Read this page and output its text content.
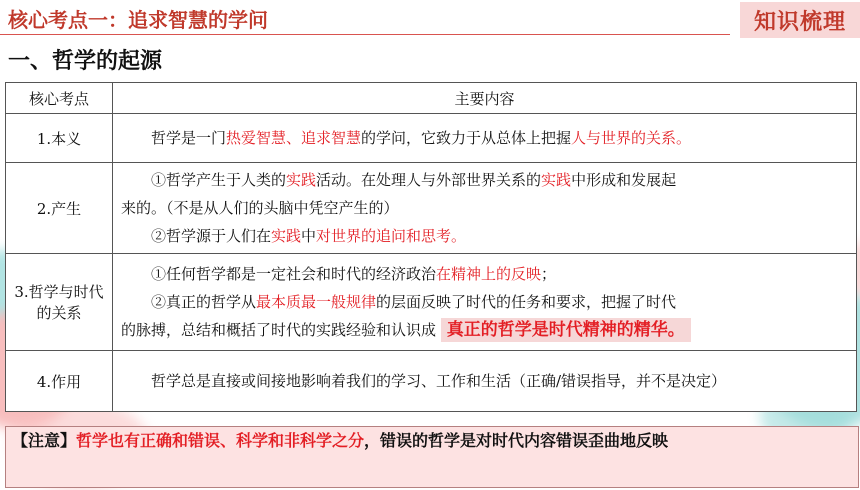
核心考点一：追求智慧的学问	知识梳理
一、哲学的起源
核心考点	主要内容
1.本义	哲学是一门热爱智慧、追求智慧的学问，它致力于从总体上把握人与世界的关系。

2.产生	①哲学产生于人类的实践活动。在处理人与外部世界关系的实践中形成和发展起
来的。（不是从人们的头脑中凭空产生的）
②哲学源于人们在实践中对世界的追问和思考。

3.哲学与时代的关系	①任何哲学都是一定社会和时代的经济政治在精神上的反映；
②真正的哲学从最本质最一般规律的层面反映了时代的任务和要求，把握了时代
的脉搏，总结和概括了时代的实践经验和认识成 真正的哲学是时代精神的精华。

4.作用	哲学总是直接或间接地影响着我们的学习、工作和生活（正确/错误指导，并不是决定）
【注意】哲学也有正确和错误、科学和非科学之分，错误的哲学是对时代内容错误歪曲地反映
